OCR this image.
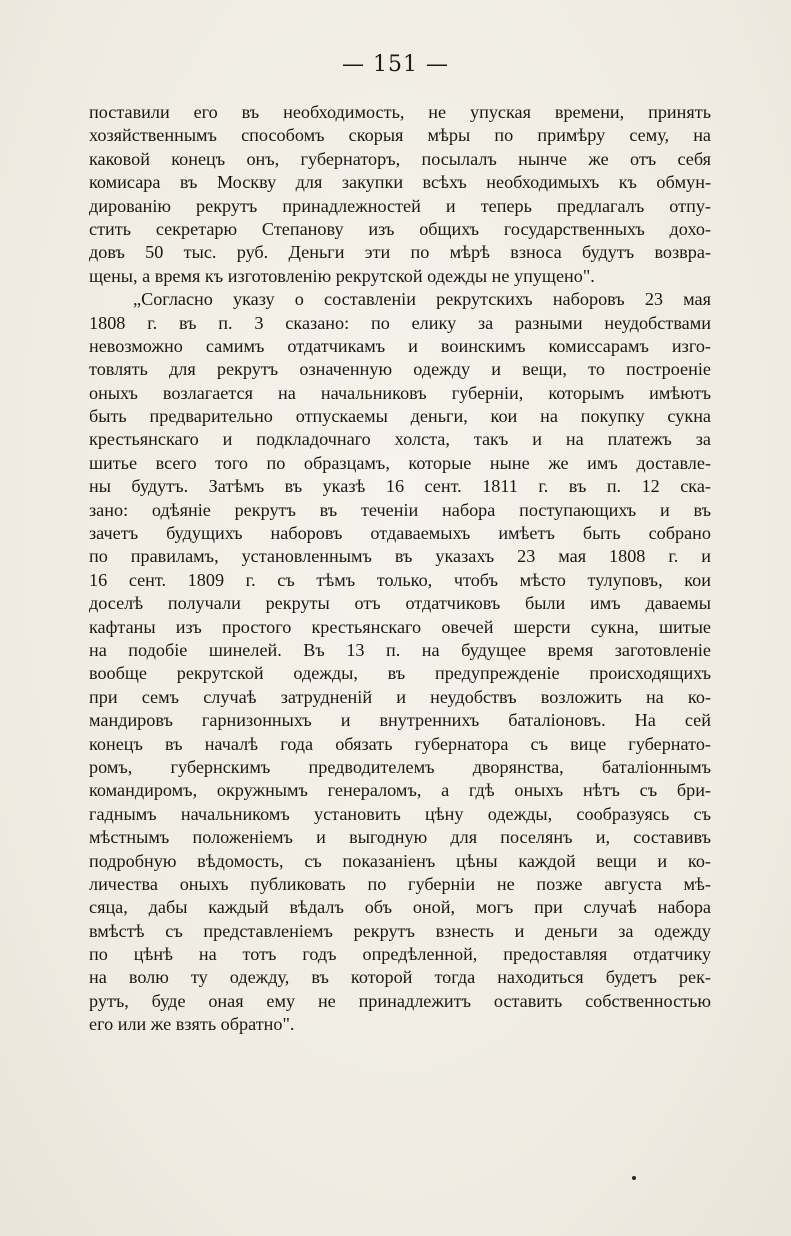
— 151 —
поставили его въ необходимость, не упуская времени, принять
хозяйственнымъ способомъ скорыя мѣры по примѣру сему, на
каковой конецъ онъ, губернаторъ, посылалъ нынче же отъ себя
комисара въ Москву для закупки всѣхъ необходимыхъ къ обмун-
дированію рекрутъ принадлежностей и теперь предлагалъ отпу-
стить секретарю Степанову изъ общихъ государственныхъ дохо-
довъ 50 тыс. руб. Деньги эти по мѣрѣ взноса будутъ возвра-
щены, а время къ изготовленію рекрутской одежды не упущено".
„Согласно указу о составленіи рекрутскихъ наборовъ 23 мая
1808 г. въ п. 3 сказано: по елику за разными неудобствами
невозможно самимъ отдатчикамъ и воинскимъ комиссарамъ изго-
товлять для рекрутъ означенную одежду и вещи, то построеніе
оныхъ возлагается на начальниковъ губерніи, которымъ имѣютъ
быть предварительно отпускаемы деньги, кои на покупку сукна
крестьянскаго и подкладочнаго холста, такъ и на платежъ за
шитье всего того по образцамъ, которые ныне же имъ доставле-
ны будутъ. Затѣмъ въ указѣ 16 сент. 1811 г. въ п. 12 ска-
зано: одѣяніе рекрутъ въ теченіи набора поступающихъ и въ
зачетъ будущихъ наборовъ отдаваемыхъ имѣетъ быть собрано
по правиламъ, установленнымъ въ указахъ 23 мая 1808 г. и
16 сент. 1809 г. съ тѣмъ только, чтобъ мѣсто тулуповъ, кои
доселѣ получали рекруты отъ отдатчиковъ были имъ даваемы
кафтаны изъ простого крестьянскаго овечей шерсти сукна, шитые
на подобіе шинелей. Въ 13 п. на будущее время заготовленіе
вообще рекрутской одежды, въ предупрежденіе происходящихъ
при семъ случаѣ затрудненій и неудобствъ возложить на ко-
мандировъ гарнизонныхъ и внутреннихъ баталіоновъ. На сей
конецъ въ началѣ года обязать губернатора съ вице губернато-
ромъ, губернскимъ предводителемъ дворянства, баталіоннымъ
командиромъ, окружнымъ генераломъ, а гдѣ оныхъ нѣтъ съ бри-
гаднымъ начальникомъ установить цѣну одежды, сообразуясь съ
мѣстнымъ положеніемъ и выгодную для поселянъ и, составивъ
подробную вѣдомость, съ показаніенъ цѣны каждой вещи и ко-
личества оныхъ публиковать по губерніи не позже августа мѣ-
сяца, дабы каждый вѣдалъ объ оной, могъ при случаѣ набора
вмѣстѣ съ представленіемъ рекрутъ взнесть и деньги за одежду
по цѣнѣ на тотъ годъ опредѣленной, предоставляя отдатчику
на волю ту одежду, въ которой тогда находиться будетъ рек-
рутъ, буде оная ему не принадлежитъ оставить собственностью
его или же взять обратно".
